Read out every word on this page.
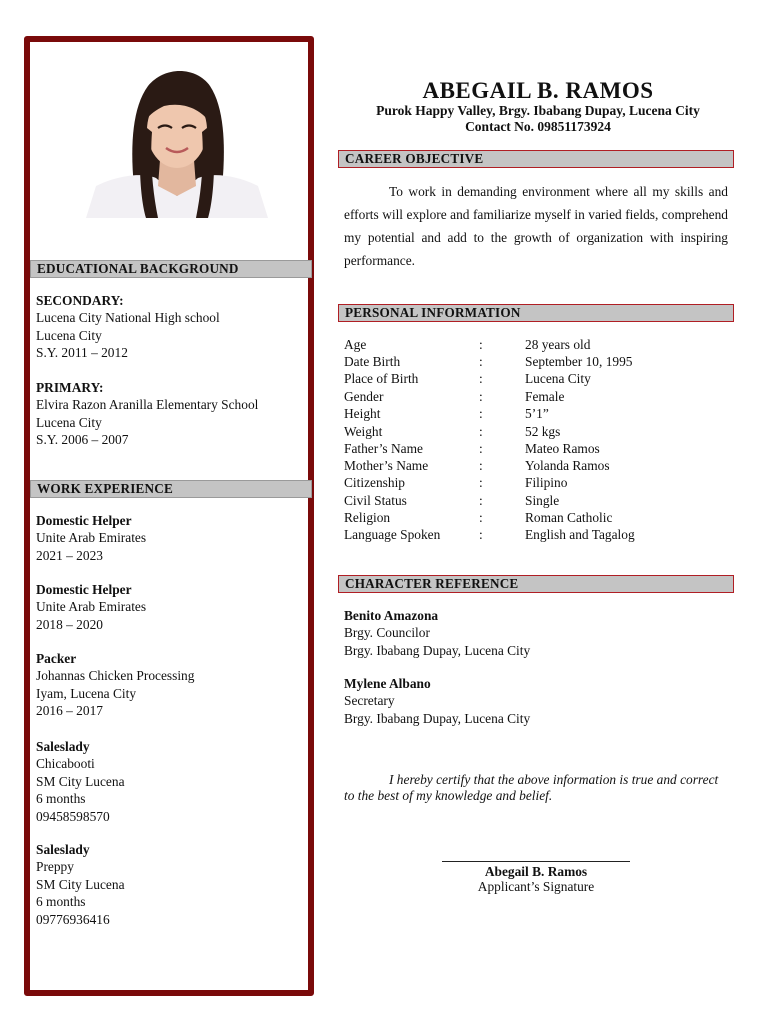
EDUCATIONAL BACKGROUND
SECONDARY:
Lucena City National High school
Lucena City
S.Y. 2011 – 2012
PRIMARY:
Elvira Razon Aranilla Elementary School
Lucena City
S.Y. 2006 – 2007
WORK EXPERIENCE
Domestic Helper
Unite Arab Emirates
2021 – 2023
Domestic Helper
Unite Arab Emirates
2018 – 2020
Packer
Johannas Chicken Processing
Iyam, Lucena City
2016 – 2017
Saleslady
Chicabooti
SM City Lucena
6 months
09458598570
Saleslady
Preppy
SM City Lucena
6 months
09776936416
ABEGAIL B. RAMOS
Purok Happy Valley, Brgy. Ibabang Dupay, Lucena City
Contact No. 09851173924
CAREER OBJECTIVE
To work in demanding environment where all my skills and efforts will explore and familiarize myself in varied fields, comprehend my potential and add to the growth of organization with inspiring performance.
PERSONAL INFORMATION
Age	:	28 years old
Date Birth	:	September 10, 1995
Place of Birth	:	Lucena City
Gender	:	Female
Height	:	5’1”
Weight	:	52 kgs
Father’s Name	:	Mateo Ramos
Mother’s Name	:	Yolanda Ramos
Citizenship	:	Filipino
Civil Status	:	Single
Religion	:	Roman Catholic
Language Spoken	:	English and Tagalog
CHARACTER REFERENCE
Benito Amazona
Brgy. Councilor
Brgy. Ibabang Dupay, Lucena City
Mylene Albano
Secretary
Brgy. Ibabang Dupay, Lucena City
I hereby certify that the above information is true and correct to the best of my knowledge and belief.
Abegail B. Ramos
Applicant’s Signature
